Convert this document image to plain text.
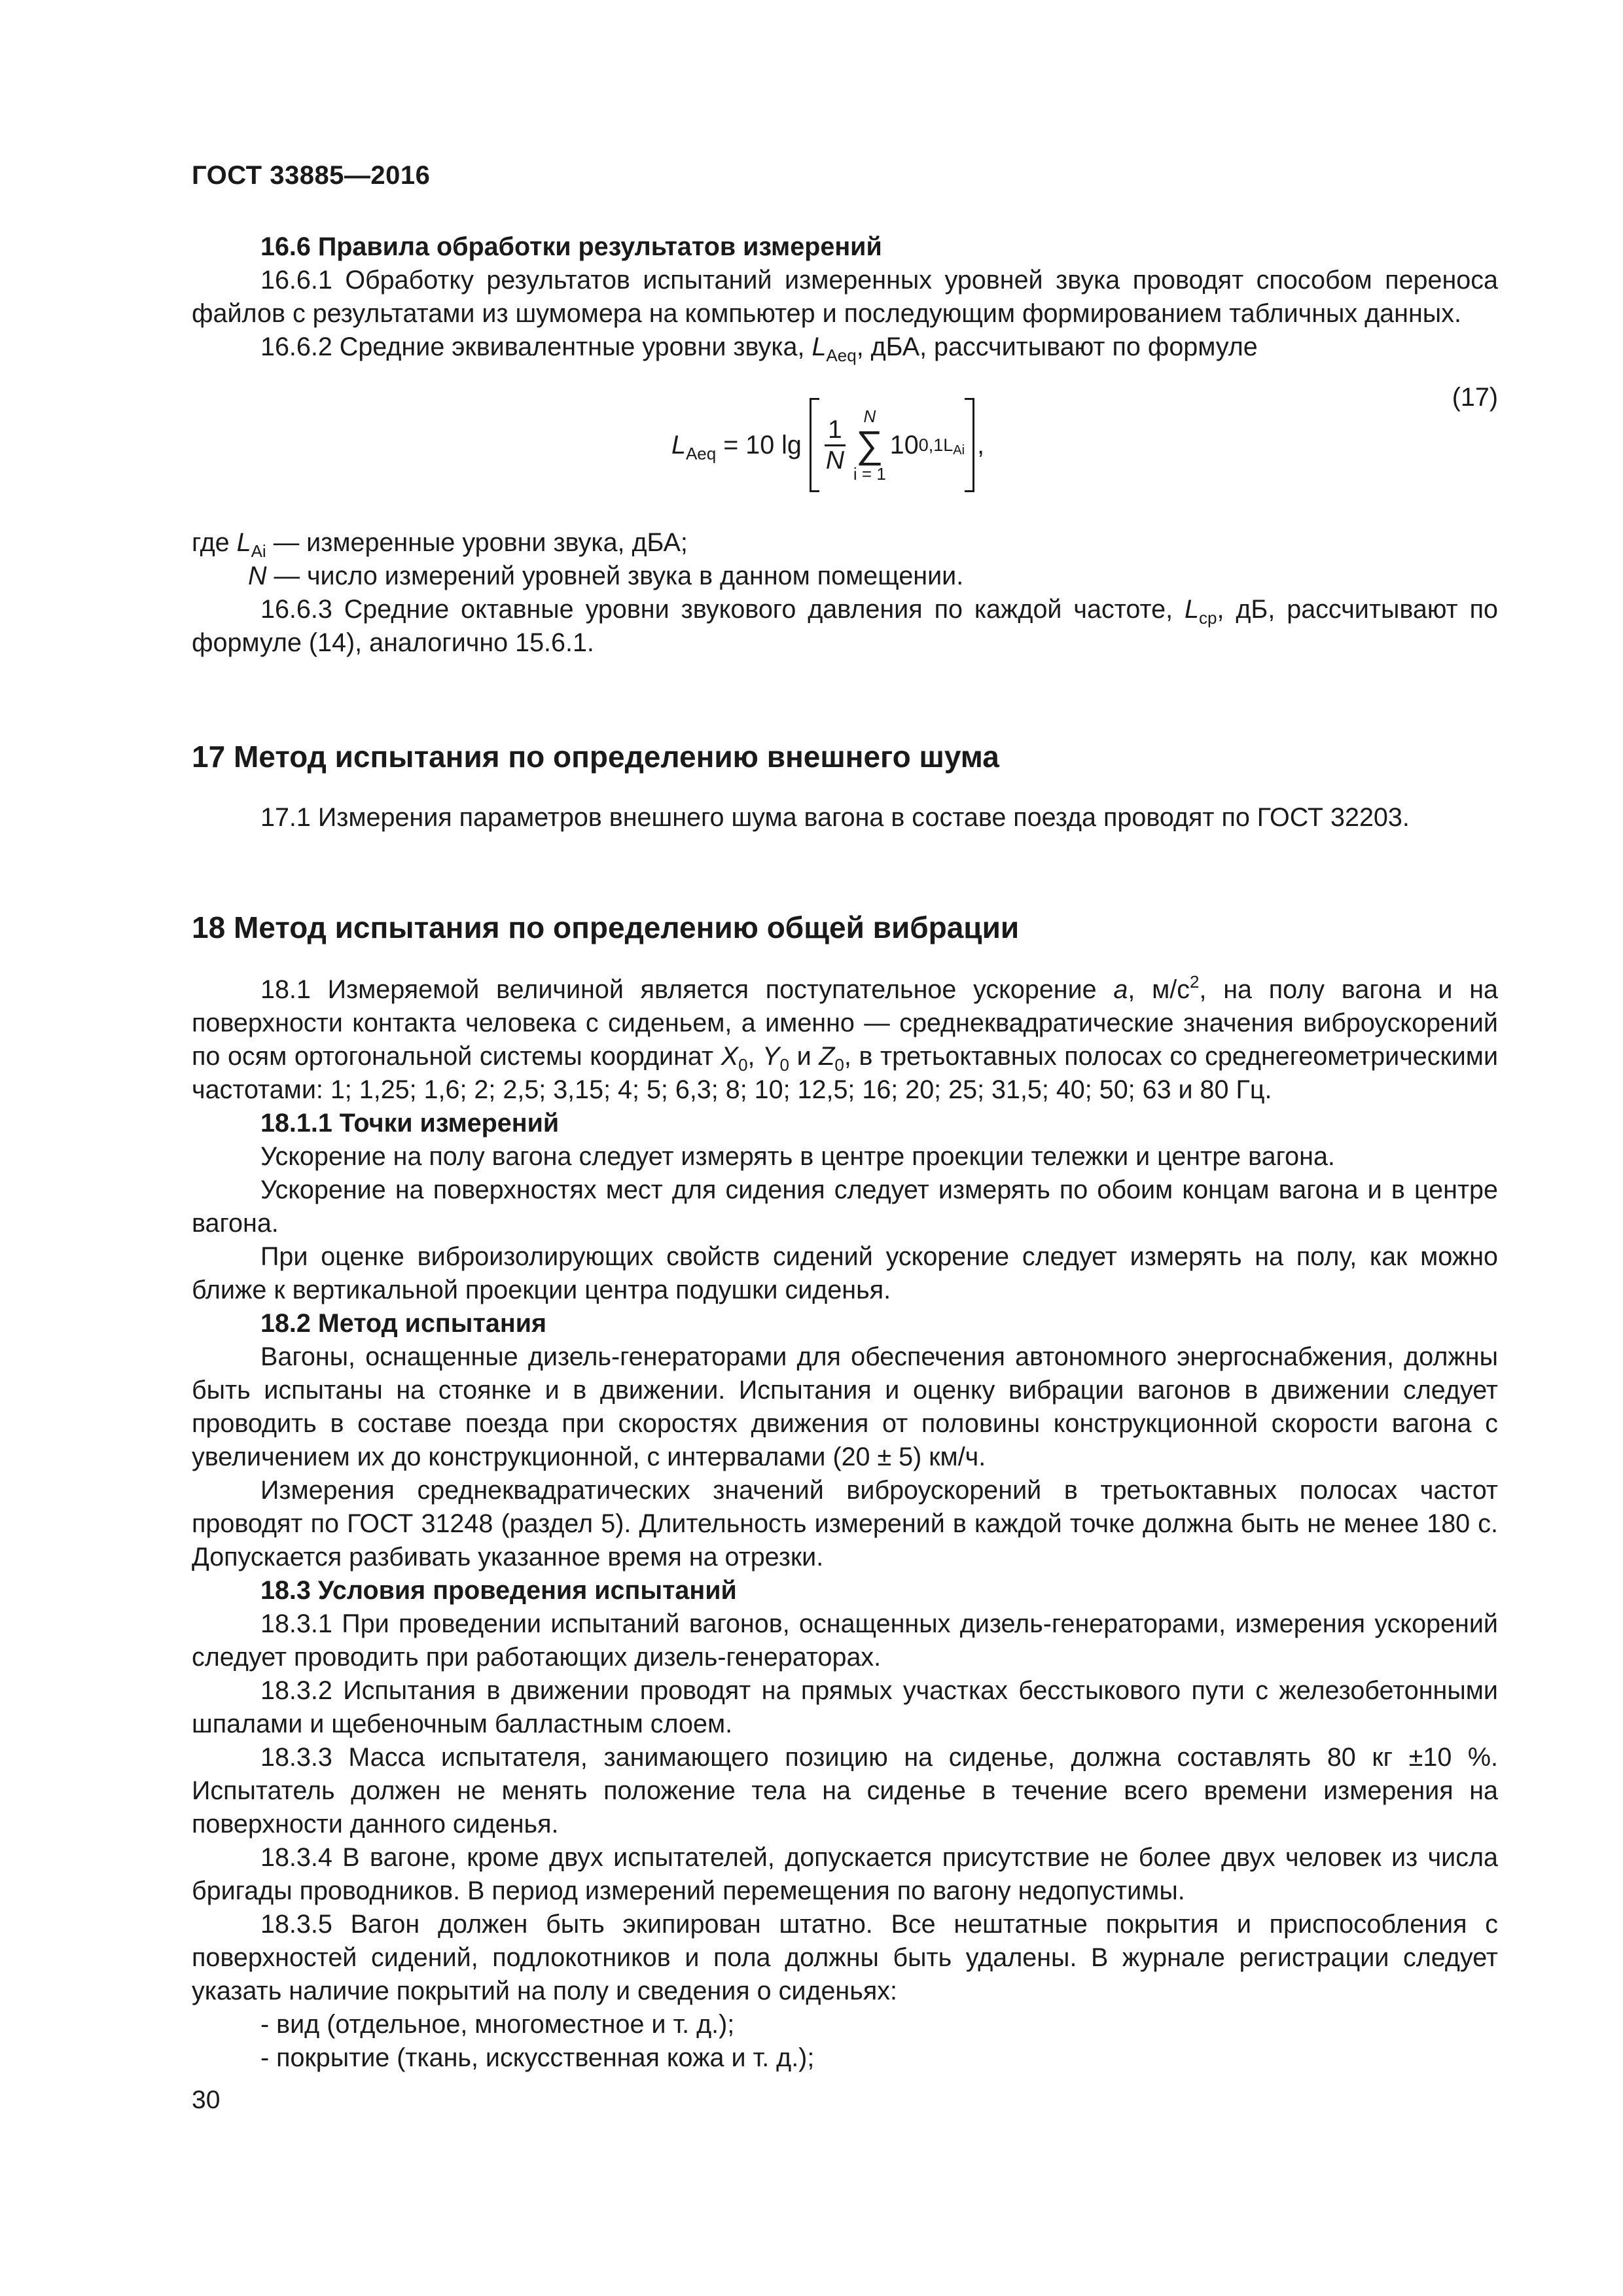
ГОСТ 33885—2016

16.6 Правила обработки результатов измерений

16.6.1 Обработку результатов испытаний измеренных уровней звука проводят способом переноса файлов с результатами из шумомера на компьютер и последующим формированием табличных данных.

16.6.2 Средние эквивалентные уровни звука, $L_{Aeq}$, дБА, рассчитывают по формуле

$L_{Aeq} = 10$ $\lg \frac{1}{N}$ N
∑
i = 1
10 $0,1L_{Ai}$ ,
(17)

где $L_{Ai}$ — измеренные уровни звука, дБА;

N — число измерений уровней звука в данном помещении.

16.6.3 Средние октавные уровни звукового давления по каждой частоте, $L_{ср}$, дБ, рассчитывают по формуле (14), аналогично 15.6.1.

17 Метод испытания по определению внешнего шума

17.1 Измерения параметров внешнего шума вагона в составе поезда проводят по ГОСТ 32203.

18 Метод испытания по определению общей вибрации

18.1 Измеряемой величиной является поступательное ускорение a, $м/с^2$, на полу вагона и на поверхности контакта человека с сиденьем, а именно — среднеквадратические значения виброускорений по осям ортогональной системы координат $X_0$, $Y_0$ и $Z_0$, в третьоктавных полосах со среднегеометрическими частотами: 1; 1,25; 1,6; 2; 2,5; 3,15; 4; 5; 6,3; 8; 10; 12,5; 16; 20; 25; 31,5; 40; 50; 63 и 80 Гц.

18.1.1 Точки измерений

Ускорение на полу вагона следует измерять в центре проекции тележки и центре вагона.

Ускорение на поверхностях мест для сидения следует измерять по обоим концам вагона и в центре вагона.

При оценке виброизолирующих свойств сидений ускорение следует измерять на полу, как можно ближе к вертикальной проекции центра подушки сиденья.

18.2 Метод испытания

Вагоны, оснащенные дизель-генераторами для обеспечения автономного энергоснабжения, должны быть испытаны на стоянке и в движении. Испытания и оценку вибрации вагонов в движении следует проводить в составе поезда при скоростях движения от половины конструкционной скорости вагона с увеличением их до конструкционной, с интервалами (20 ± 5) км/ч.

Измерения среднеквадратических значений виброускорений в третьоктавных полосах частот проводят по ГОСТ 31248 (раздел 5). Длительность измерений в каждой точке должна быть не менее 180 с. Допускается разбивать указанное время на отрезки.

18.3 Условия проведения испытаний

18.3.1 При проведении испытаний вагонов, оснащенных дизель-генераторами, измерения ускорений следует проводить при работающих дизель-генераторах.

18.3.2 Испытания в движении проводят на прямых участках бесстыкового пути с железобетонными шпалами и щебеночным балластным слоем.

18.3.3 Масса испытателя, занимающего позицию на сиденье, должна составлять 80 кг ±10 %. Испытатель должен не менять положение тела на сиденье в течение всего времени измерения на поверхности данного сиденья.

18.3.4 В вагоне, кроме двух испытателей, допускается присутствие не более двух человек из числа бригады проводников. В период измерений перемещения по вагону недопустимы.

18.3.5 Вагон должен быть экипирован штатно. Все нештатные покрытия и приспособления с поверхностей сидений, подлокотников и пола должны быть удалены. В журнале регистрации следует указать наличие покрытий на полу и сведения о сиденьях:

- вид (отдельное, многоместное и т. д.);

- покрытие (ткань, искусственная кожа и т. д.);

30
